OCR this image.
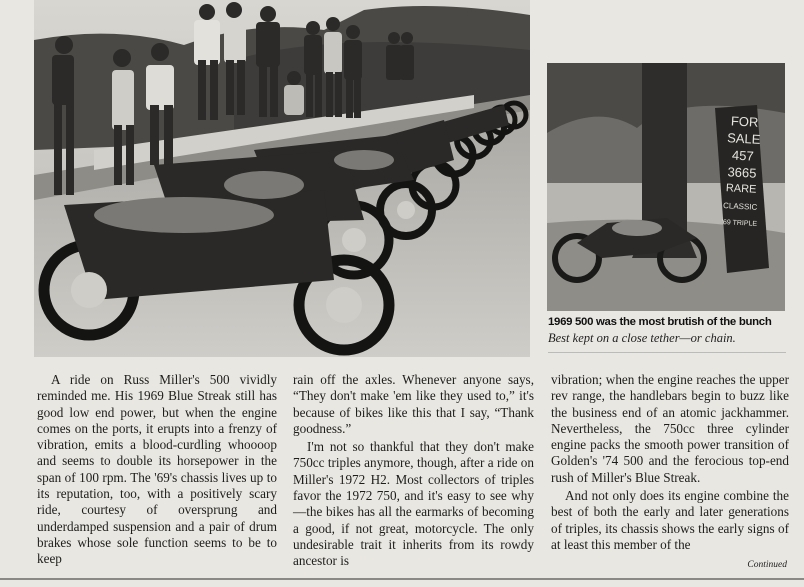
FOR
SALE
457
3665
RARE
CLASSIC
'69 TRIPLE
1969 500 was the most brutish of the bunch
Best kept on a close tether—or chain.

A ride on Russ Miller's 500 vividly reminded me. His 1969 Blue Streak still has good low end power, but when the engine comes on the ports, it erupts into a frenzy of vibration, emits a blood-curdling whoooop and seems to double its horsepower in the span of 100 rpm. The '69's chassis lives up to its reputation, too, with a positively scary ride, courtesy of oversprung and underdamped suspension and a pair of drum brakes whose sole function seems to be to keep

rain off the axles. Whenever anyone says, “They don't make 'em like they used to,” it's because of bikes like this that I say, “Thank goodness.”

I'm not so thankful that they don't make 750cc triples anymore, though, after a ride on Miller's 1972 H2. Most collectors of triples favor the 1972 750, and it's easy to see why—the bikes has all the earmarks of becoming a good, if not great, motorcycle. The only undesirable trait it inherits from its rowdy ancestor is

vibration; when the engine reaches the upper rev range, the handlebars begin to buzz like the business end of an atomic jackhammer. Nevertheless, the 750cc three cylinder engine packs the smooth power transition of Golden's '74 500 and the ferocious top-end rush of Miller's Blue Streak.

And not only does its engine combine the best of both the early and later generations of triples, its chassis shows the early signs of at least this member of the

Continued
